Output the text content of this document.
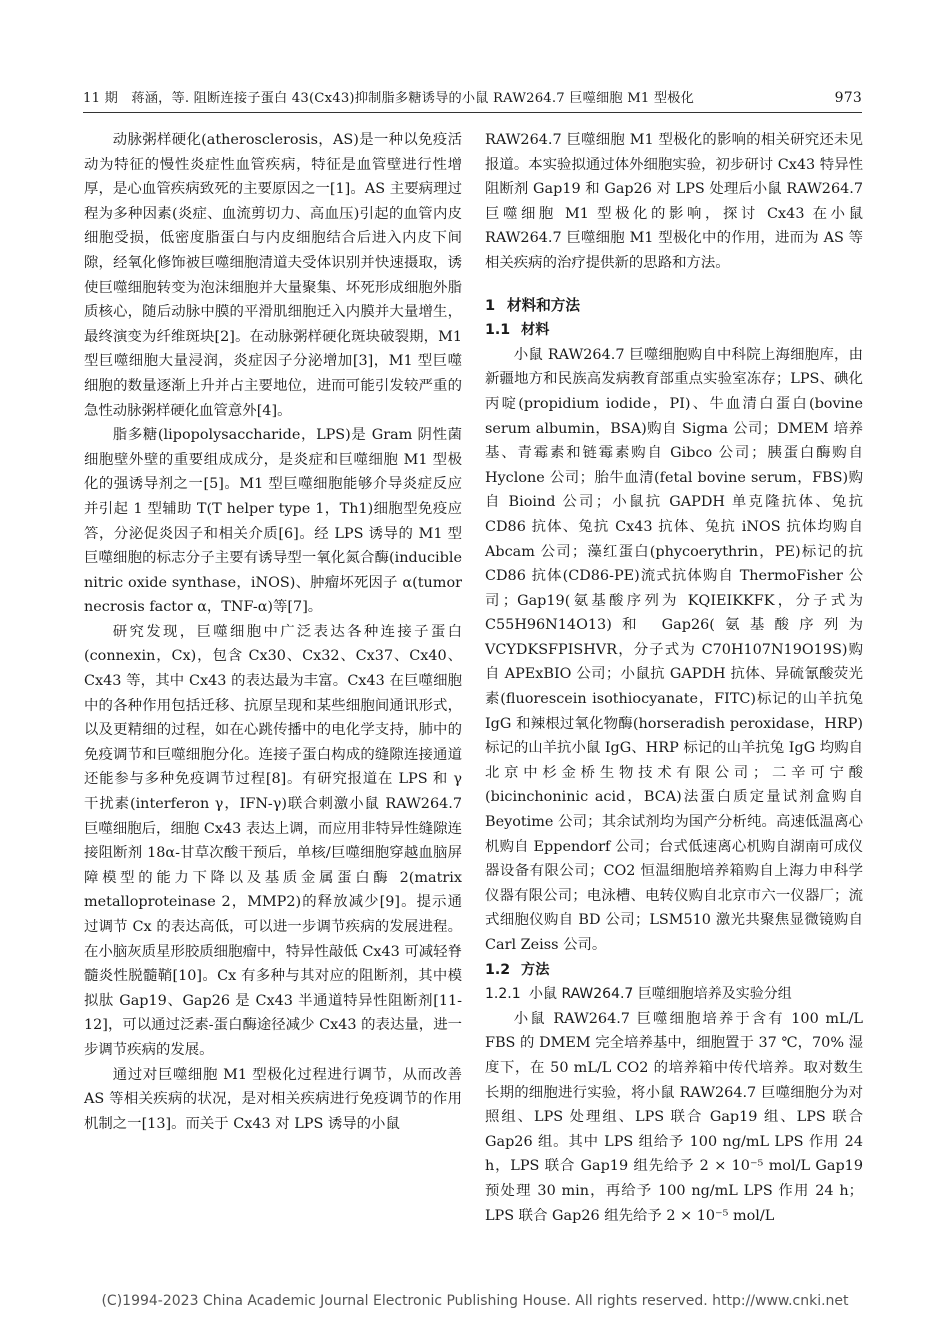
11 期　蒋涵，等. 阻断连接子蛋白 43(Cx43)抑制脂多糖诱导的小鼠 RAW264.7 巨噬细胞 M1 型极化	973

动脉粥样硬化(atherosclerosis，AS)是一种以免疫活动为特征的慢性炎症性血管疾病，特征是血管壁进行性增厚，是心血管疾病致死的主要原因之一[1]。AS 主要病理过程为多种因素(炎症、血流剪切力、高血压)引起的血管内皮细胞受损，低密度脂蛋白与内皮细胞结合后进入内皮下间隙，经氧化修饰被巨噬细胞清道夫受体识别并快速摄取，诱使巨噬细胞转变为泡沫细胞并大量聚集、坏死形成细胞外脂质核心，随后动脉中膜的平滑肌细胞迁入内膜并大量增生，最终演变为纤维斑块[2]。在动脉粥样硬化斑块破裂期，M1 型巨噬细胞大量浸润，炎症因子分泌增加[3]，M1 型巨噬细胞的数量逐渐上升并占主要地位，进而可能引发较严重的急性动脉粥样硬化血管意外[4]。

脂多糖(lipopolysaccharide，LPS)是 Gram 阴性菌细胞壁外壁的重要组成成分，是炎症和巨噬细胞 M1 型极化的强诱导剂之一[5]。M1 型巨噬细胞能够介导炎症反应并引起 1 型辅助 T(T helper type 1，Th1)细胞型免疫应答，分泌促炎因子和相关介质[6]。经 LPS 诱导的 M1 型巨噬细胞的标志分子主要有诱导型一氧化氮合酶(inducible nitric oxide synthase，iNOS)、肿瘤坏死因子 α(tumor necrosis factor α，TNF-α)等[7]。

研究发现，巨噬细胞中广泛表达各种连接子蛋白(connexin，Cx)，包含 Cx30、Cx32、Cx37、Cx40、Cx43 等，其中 Cx43 的表达最为丰富。Cx43 在巨噬细胞中的各种作用包括迁移、抗原呈现和某些细胞间通讯形式，以及更精细的过程，如在心跳传播中的电化学支持，肺中的免疫调节和巨噬细胞分化。连接子蛋白构成的缝隙连接通道还能参与多种免疫调节过程[8]。有研究报道在 LPS 和 γ 干扰素(interferon γ，IFN-γ)联合刺激小鼠 RAW264.7 巨噬细胞后，细胞 Cx43 表达上调，而应用非特异性缝隙连接阻断剂 18α-甘草次酸干预后，单核/巨噬细胞穿越血脑屏障模型的能力下降以及基质金属蛋白酶 2(matrix metalloproteinase 2，MMP2)的释放减少[9]。提示通过调节 Cx 的表达高低，可以进一步调节疾病的发展进程。在小脑灰质星形胶质细胞瘤中，特异性敲低 Cx43 可减轻脊髓炎性脱髓鞘[10]。Cx 有多种与其对应的阻断剂，其中模拟肽 Gap19、Gap26 是 Cx43 半通道特异性阻断剂[11-12]，可以通过泛素-蛋白酶途径减少 Cx43 的表达量，进一步调节疾病的发展。

通过对巨噬细胞 M1 型极化过程进行调节，从而改善 AS 等相关疾病的状况，是对相关疾病进行免疫调节的作用机制之一[13]。而关于 Cx43 对 LPS 诱导的小鼠

RAW264.7 巨噬细胞 M1 型极化的影响的相关研究还未见报道。本实验拟通过体外细胞实验，初步研讨 Cx43 特异性阻断剂 Gap19 和 Gap26 对 LPS 处理后小鼠 RAW264.7 巨噬细胞 M1 型极化的影响，探讨 Cx43 在小鼠 RAW264.7 巨噬细胞 M1 型极化中的作用，进而为 AS 等相关疾病的治疗提供新的思路和方法。

1 材料和方法
1.1 材料

小鼠 RAW264.7 巨噬细胞购自中科院上海细胞库，由新疆地方和民族高发病教育部重点实验室冻存；LPS、碘化丙啶(propidium iodide，PI)、牛血清白蛋白(bovine serum albumin，BSA)购自 Sigma 公司；DMEM 培养基、青霉素和链霉素购自 Gibco 公司；胰蛋白酶购自 Hyclone 公司；胎牛血清(fetal bovine serum，FBS)购自 Bioind 公司；小鼠抗 GAPDH 单克隆抗体、兔抗 CD86 抗体、兔抗 Cx43 抗体、兔抗 iNOS 抗体均购自 Abcam 公司；藻红蛋白(phycoerythrin，PE)标记的抗 CD86 抗体(CD86-PE)流式抗体购自 ThermoFisher 公司；Gap19(氨基酸序列为 KQIEIKKFK，分子式为 C55H96N14O13)和 Gap26(氨基酸序列为 VCYDKSFPISHVR，分子式为 C70H107N19O19S)购自 APExBIO 公司；小鼠抗 GAPDH 抗体、异硫氰酸荧光素(fluorescein isothiocyanate，FITC)标记的山羊抗兔 IgG 和辣根过氧化物酶(horseradish peroxidase，HRP)标记的山羊抗小鼠 IgG、HRP 标记的山羊抗兔 IgG 均购自北京中杉金桥生物技术有限公司；二辛可宁酸(bicinchoninic acid，BCA)法蛋白质定量试剂盒购自 Beyotime 公司；其余试剂均为国产分析纯。高速低温离心机购自 Eppendorf 公司；台式低速离心机购自湖南可成仪器设备有限公司；CO2 恒温细胞培养箱购自上海力申科学仪器有限公司；电泳槽、电转仪购自北京市六一仪器厂；流式细胞仪购自 BD 公司；LSM510 激光共聚焦显微镜购自 Carl Zeiss 公司。

1.2 方法
1.2.1 小鼠 RAW264.7 巨噬细胞培养及实验分组

小鼠 RAW264.7 巨噬细胞培养于含有 100 mL/L FBS 的 DMEM 完全培养基中，细胞置于 37 ℃，70% 湿度下，在 50 mL/L CO2 的培养箱中传代培养。取对数生长期的细胞进行实验，将小鼠 RAW264.7 巨噬细胞分为对照组、LPS 处理组、LPS 联合 Gap19 组、LPS 联合 Gap26 组。其中 LPS 组给予 100 ng/mL LPS 作用 24 h，LPS 联合 Gap19 组先给予 2 × 10⁻⁵ mol/L Gap19 预处理 30 min，再给予 100 ng/mL LPS 作用 24 h；LPS 联合 Gap26 组先给予 2 × 10⁻⁵ mol/L

(C)1994-2023 China Academic Journal Electronic Publishing House. All rights reserved. http://www.cnki.net
